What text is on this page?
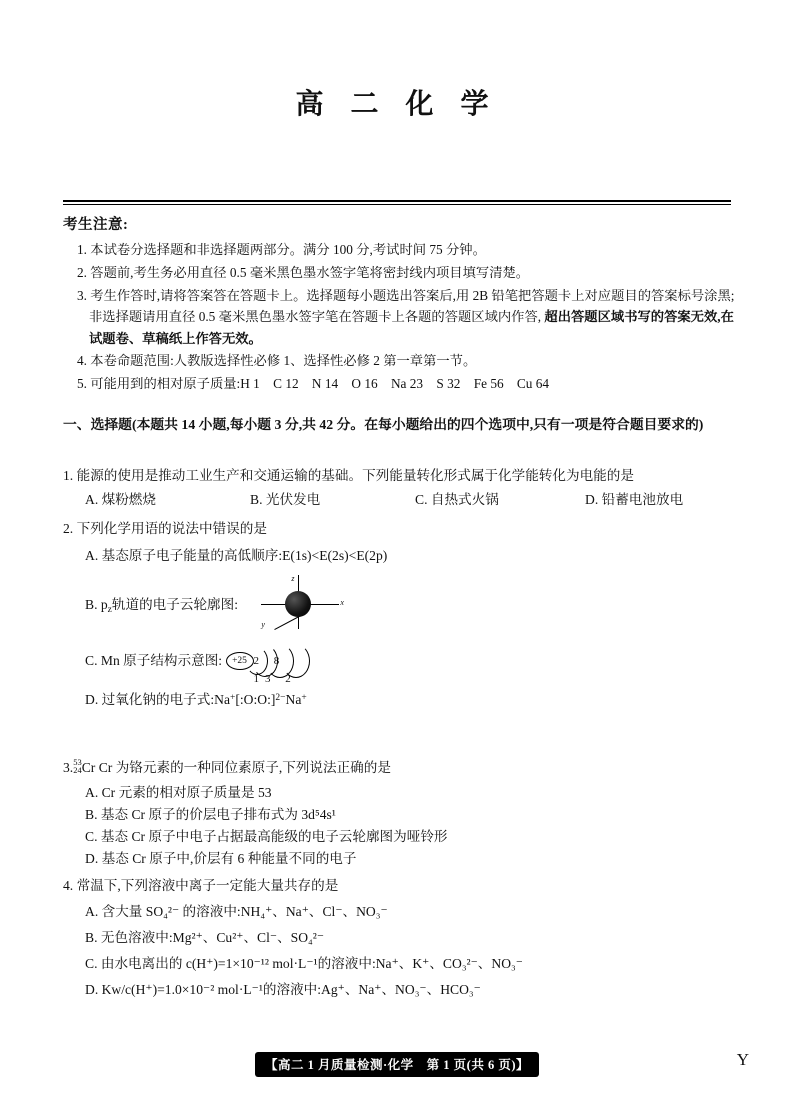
高 二 化 学
考生注意:
1. 本试卷分选择题和非选择题两部分。满分 100 分,考试时间 75 分钟。
2. 答题前,考生务必用直径 0.5 毫米黑色墨水签字笔将密封线内项目填写清楚。
3. 考生作答时,请将答案答在答题卡上。选择题每小题选出答案后,用 2B 铅笔把答题卡上对应题目的答案标号涂黑;非选择题请用直径 0.5 毫米黑色墨水签字笔在答题卡上各题的答题区域内作答, 超出答题区域书写的答案无效,在试题卷、草稿纸上作答无效。
4. 本卷命题范围:人教版选择性必修 1、选择性必修 2 第一章第一节。
5. 可能用到的相对原子质量:H 1　C 12　N 14　O 16　Na 23　S 32　Fe 56　Cu 64
一、选择题(本题共 14 小题,每小题 3 分,共 42 分。在每小题给出的四个选项中,只有一项是符合题目要求的)
1. 能源的使用是推动工业生产和交通运输的基础。下列能量转化形式属于化学能转化为电能的是
A. 煤粉燃烧	B. 光伏发电	C. 自热式火锅	D. 铅蓄电池放电
2. 下列化学用语的说法中错误的是
A. 基态原子电子能量的高低顺序:E(1s)<E(2s)<E(2p)
B. $p_z$轨道的电子云轮廓图:
z
x
y
C. Mn 原子结构示意图:	+25 2 8 13 2
D. 过氧化钠的电子式:Na+[:O:O:]$^{2-}$Na+
3. 53
24 Cr Cr 为铬元素的一种同位素原子,下列说法正确的是
A. Cr 元素的相对原子质量是 53
B. 基态 Cr 原子的价层电子排布式为 3d⁵4s¹
C. 基态 Cr 原子中电子占据最高能级的电子云轮廓图为哑铃形
D. 基态 Cr 原子中,价层有 6 种能量不同的电子
4. 常温下,下列溶液中离子一定能大量共存的是
A. 含大量 SO₄²⁻ 的溶液中:NH₄⁺、Na⁺、Cl⁻、NO₃⁻
B. 无色溶液中:Mg²⁺、Cu²⁺、Cl⁻、SO₄²⁻
C. 由水电离出的 c(H⁺)=1×10⁻¹² mol·L⁻¹的溶液中:Na⁺、K⁺、CO₃²⁻、NO₃⁻
D. Kw/c(H⁺)=1.0×10⁻² mol·L⁻¹的溶液中:Ag⁺、Na⁺、NO₃⁻、HCO₃⁻
【高二 1 月质量检测·化学　第 1 页(共 6 页)】	Y
